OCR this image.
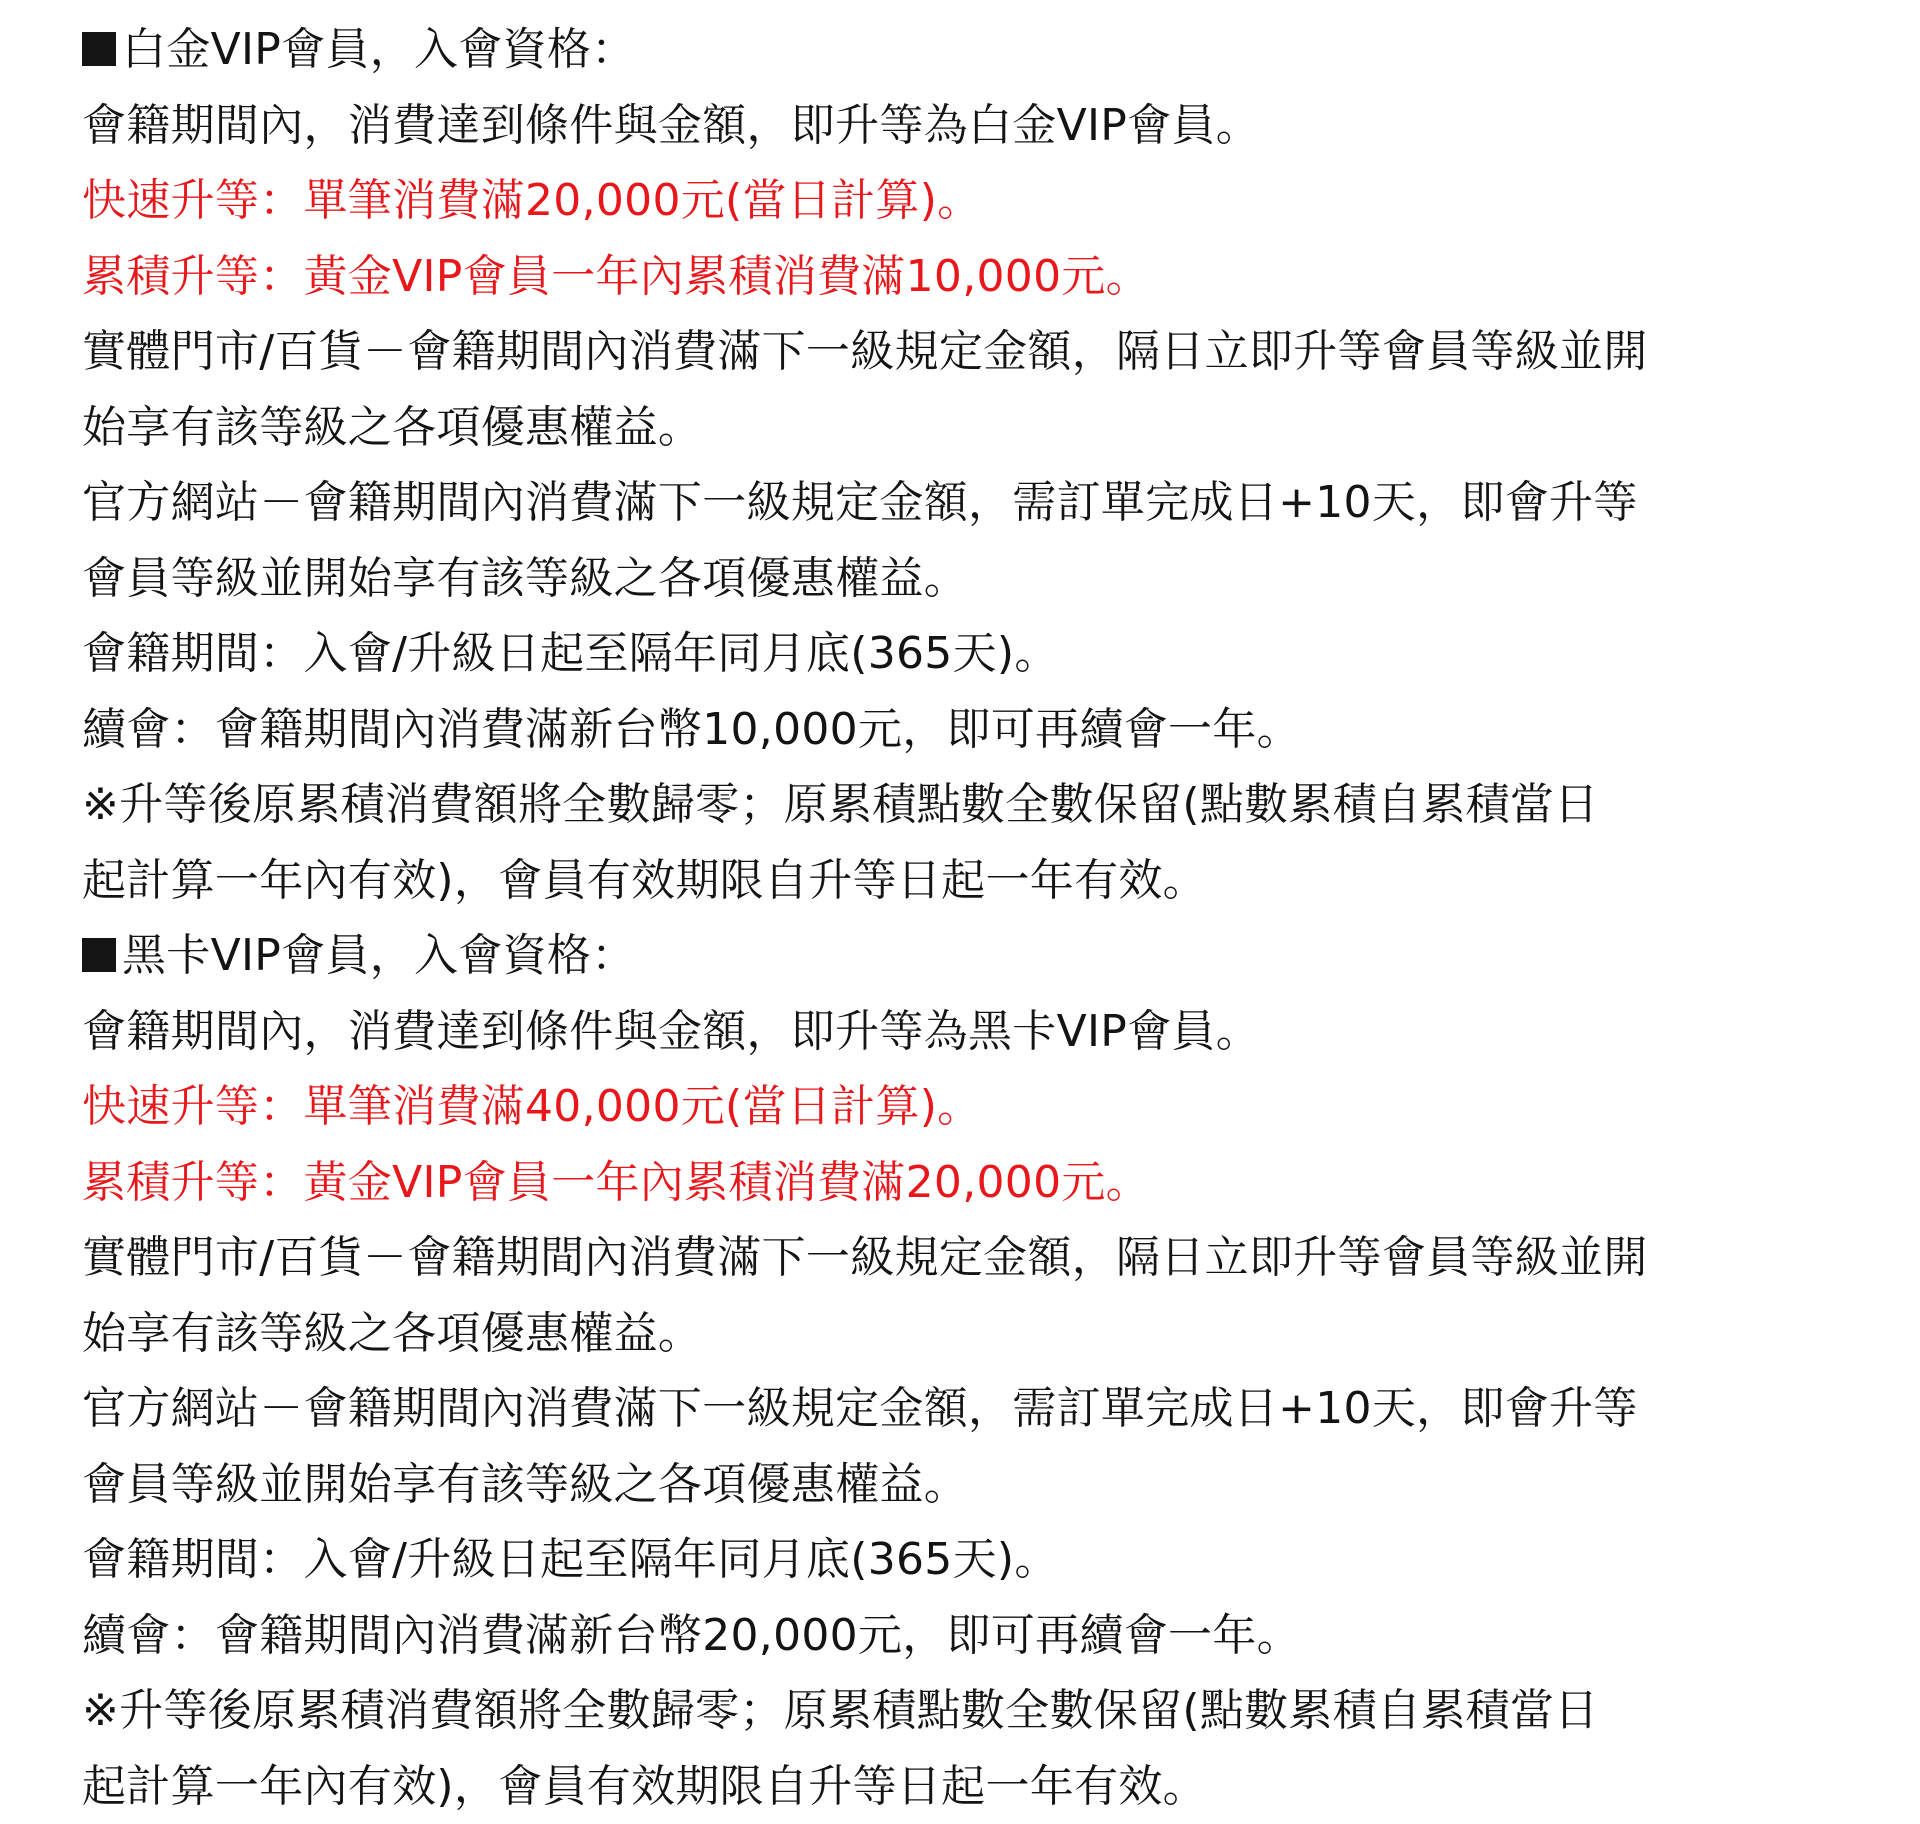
白金VIP會員，入會資格：
會籍期間內，消費達到條件與金額，即升等為白金VIP會員。
快速升等：單筆消費滿20,000元(當日計算)。
累積升等：黃金VIP會員一年內累積消費滿10,000元。
實體門市/百貨－會籍期間內消費滿下一級規定金額，隔日立即升等會員等級並開
始享有該等級之各項優惠權益。
官方網站－會籍期間內消費滿下一級規定金額，需訂單完成日+10天，即會升等
會員等級並開始享有該等級之各項優惠權益。
會籍期間：入會/升級日起至隔年同月底(365天)。
續會：會籍期間內消費滿新台幣10,000元，即可再續會一年。
※升等後原累積消費額將全數歸零；原累積點數全數保留(點數累積自累積當日
起計算一年內有效)，會員有效期限自升等日起一年有效。
黑卡VIP會員，入會資格：
會籍期間內，消費達到條件與金額，即升等為黑卡VIP會員。
快速升等：單筆消費滿40,000元(當日計算)。
累積升等：黃金VIP會員一年內累積消費滿20,000元。
實體門市/百貨－會籍期間內消費滿下一級規定金額，隔日立即升等會員等級並開
始享有該等級之各項優惠權益。
官方網站－會籍期間內消費滿下一級規定金額，需訂單完成日+10天，即會升等
會員等級並開始享有該等級之各項優惠權益。
會籍期間：入會/升級日起至隔年同月底(365天)。
續會：會籍期間內消費滿新台幣20,000元，即可再續會一年。
※升等後原累積消費額將全數歸零；原累積點數全數保留(點數累積自累積當日
起計算一年內有效)，會員有效期限自升等日起一年有效。
